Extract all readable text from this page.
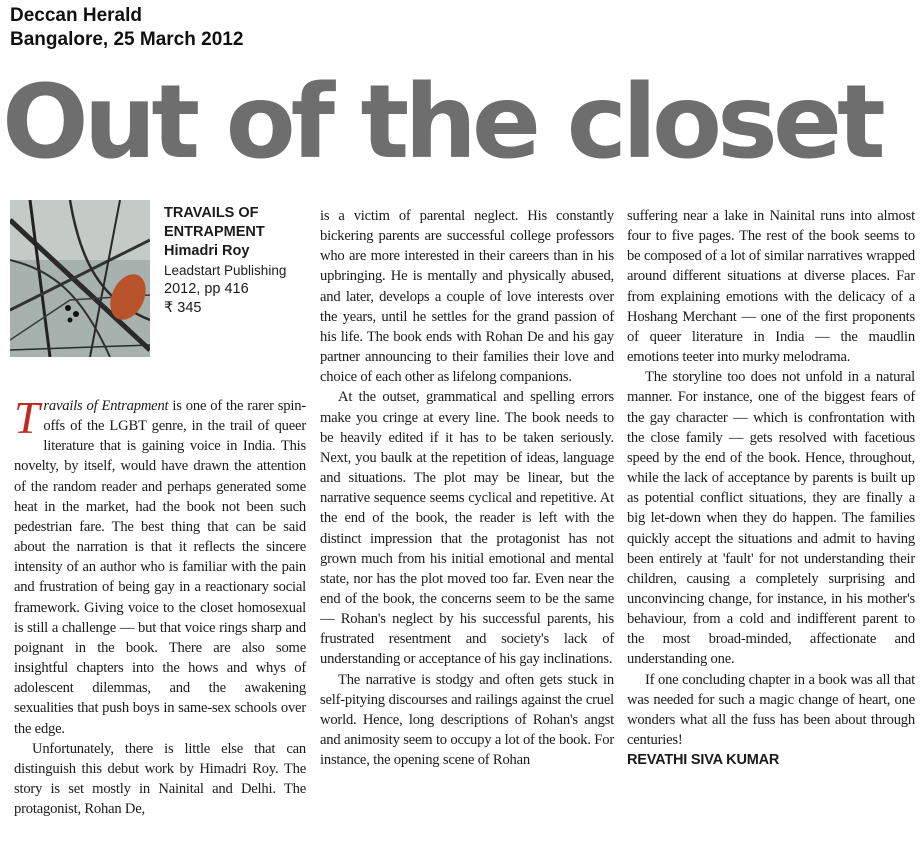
Deccan Herald
Bangalore, 25 March 2012
Out of the closet
TRAVAILS OF
ENTRAPMENT
Himadri Roy
Leadstart Publishing
2012, pp 416
₹ 345

Travails of Entrapment is one of the rarer spin-offs of the LGBT genre, in the trail of queer literature that is gaining voice in India. This novelty, by itself, would have drawn the attention of the random reader and perhaps generated some heat in the market, had the book not been such pedestrian fare. The best thing that can be said about the narration is that it reflects the sincere intensity of an author who is familiar with the pain and frustration of being gay in a reactionary social framework. Giving voice to the closet homosexual is still a challenge — but that voice rings sharp and poignant in the book. There are also some insightful chapters into the hows and whys of adolescent dilemmas, and the awakening sexualities that push boys in same-sex schools over the edge.

Unfortunately, there is little else that can distinguish this debut work by Himadri Roy. The story is set mostly in Nainital and Delhi. The protagonist, Rohan De,

is a victim of parental neglect. His constantly bickering parents are successful college professors who are more interested in their careers than in his upbringing. He is mentally and physically abused, and later, develops a couple of love interests over the years, until he settles for the grand passion of his life. The book ends with Rohan De and his gay partner announcing to their families their love and choice of each other as lifelong companions.

At the outset, grammatical and spelling errors make you cringe at every line. The book needs to be heavily edited if it has to be taken seriously. Next, you baulk at the repetition of ideas, language and situations. The plot may be linear, but the narrative sequence seems cyclical and repetitive. At the end of the book, the reader is left with the distinct impression that the protagonist has not grown much from his initial emotional and mental state, nor has the plot moved too far. Even near the end of the book, the concerns seem to be the same — Rohan's neglect by his successful parents, his frustrated resentment and society's lack of understanding or acceptance of his gay inclinations.

The narrative is stodgy and often gets stuck in self-pitying discourses and railings against the cruel world. Hence, long descriptions of Rohan's angst and animosity seem to occupy a lot of the book. For instance, the opening scene of Rohan

suffering near a lake in Nainital runs into almost four to five pages. The rest of the book seems to be composed of a lot of similar narratives wrapped around different situations at diverse places. Far from explaining emotions with the delicacy of a Hoshang Merchant — one of the first proponents of queer literature in India — the maudlin emotions teeter into murky melodrama.

The storyline too does not unfold in a natural manner. For instance, one of the biggest fears of the gay character — which is confrontation with the close family — gets resolved with facetious speed by the end of the book. Hence, throughout, while the lack of acceptance by parents is built up as potential conflict situations, they are finally a big let-down when they do happen. The families quickly accept the situations and admit to having been entirely at 'fault' for not understanding their children, causing a completely surprising and unconvincing change, for instance, in his mother's behaviour, from a cold and indifferent parent to the most broad-minded, affectionate and understanding one.

If one concluding chapter in a book was all that was needed for such a magic change of heart, one wonders what all the fuss has been about through centuries!

REVATHI SIVA KUMAR
